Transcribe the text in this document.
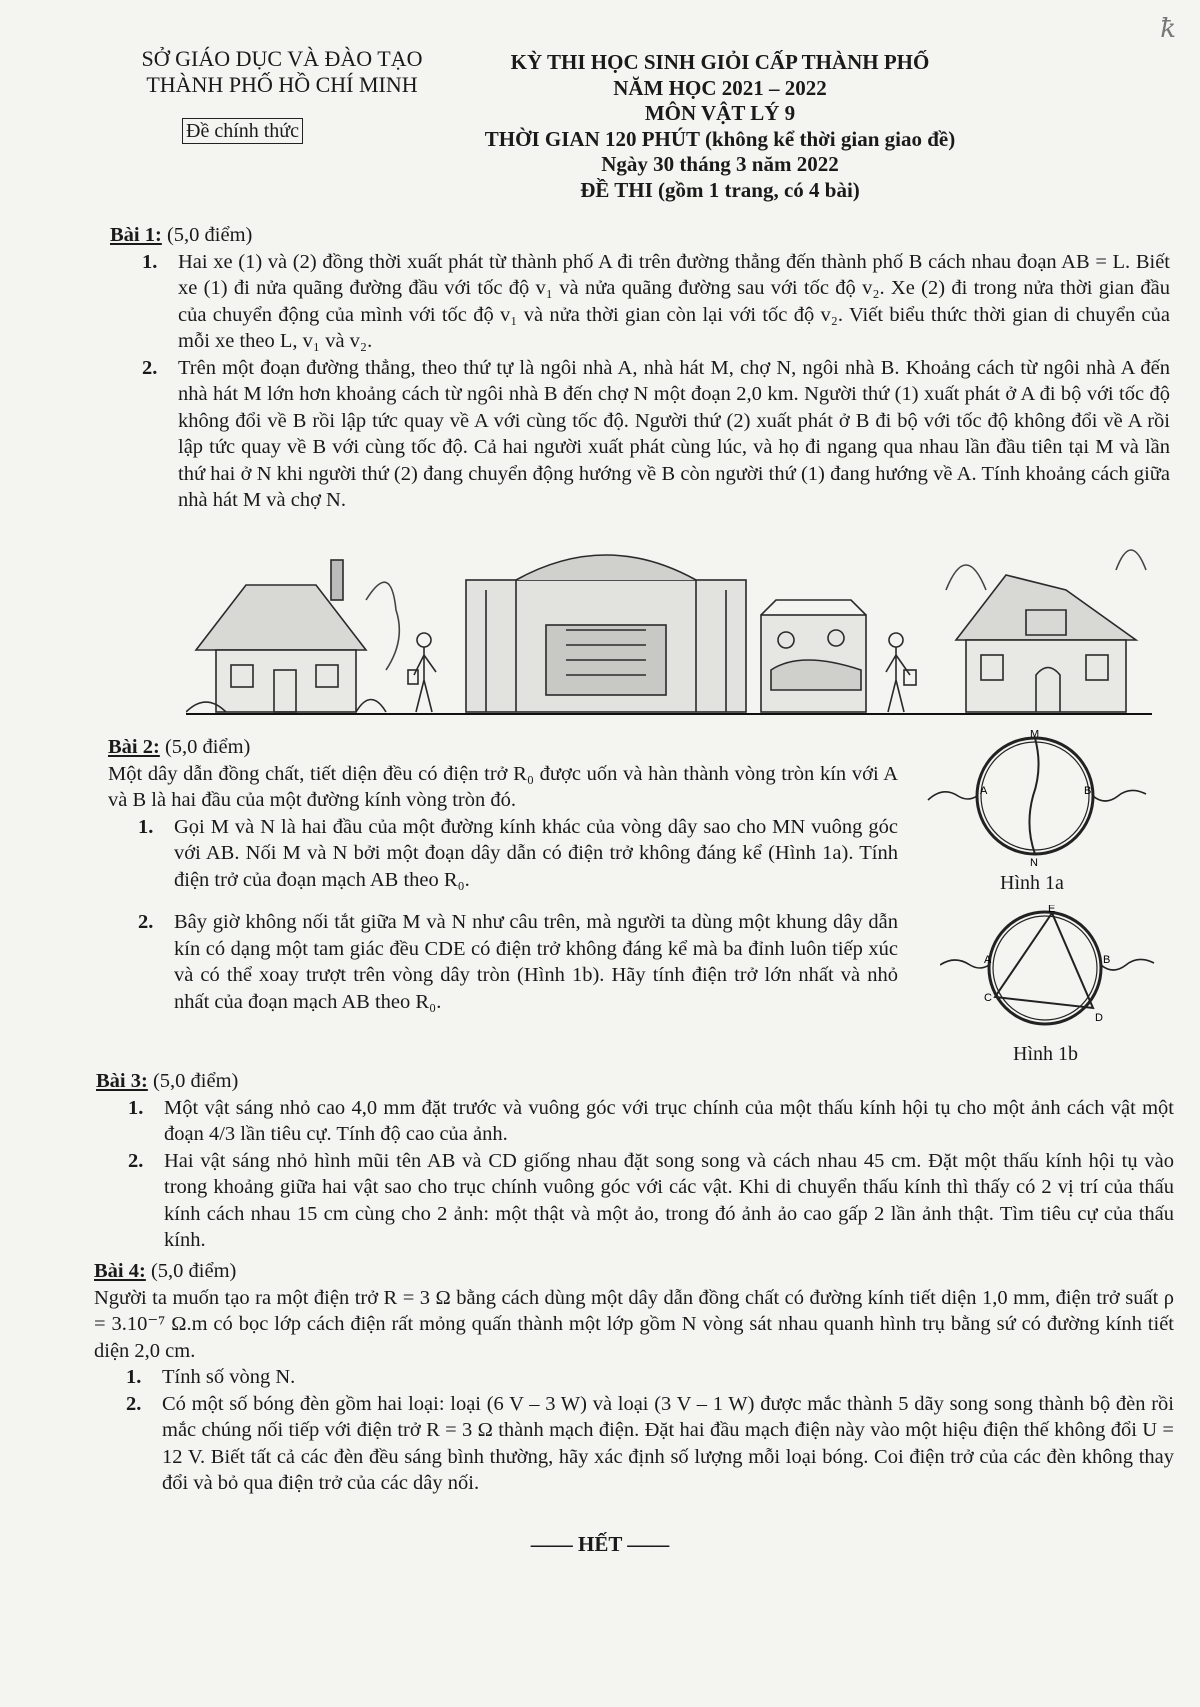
ꝁ
SỞ GIÁO DỤC VÀ ĐÀO TẠO
THÀNH PHỐ HỒ CHÍ MINH
Đề chính thức
KỲ THI HỌC SINH GIỎI CẤP THÀNH PHỐ
NĂM HỌC 2021 – 2022
MÔN VẬT LÝ 9
THỜI GIAN 120 PHÚT (không kể thời gian giao đề)
Ngày 30 tháng 3 năm 2022
ĐỀ THI (gồm 1 trang, có 4 bài)
Bài 1: (5,0 điểm)
1.	Hai xe (1) và (2) đồng thời xuất phát từ thành phố A đi trên đường thẳng đến thành phố B cách nhau đoạn AB = L. Biết xe (1) đi nửa quãng đường đầu với tốc độ v₁ và nửa quãng đường sau với tốc độ v₂. Xe (2) đi trong nửa thời gian đầu của chuyển động của mình với tốc độ v₁ và nửa thời gian còn lại với tốc độ v₂. Viết biểu thức thời gian di chuyển của mỗi xe theo L, v₁ và v₂.
2.	Trên một đoạn đường thẳng, theo thứ tự là ngôi nhà A, nhà hát M, chợ N, ngôi nhà B. Khoảng cách từ ngôi nhà A đến nhà hát M lớn hơn khoảng cách từ ngôi nhà B đến chợ N một đoạn 2,0 km. Người thứ (1) xuất phát ở A đi bộ với tốc độ không đổi về B rồi lập tức quay về A với cùng tốc độ. Người thứ (2) xuất phát ở B đi bộ với tốc độ không đổi về A rồi lập tức quay về B với cùng tốc độ. Cả hai người xuất phát cùng lúc, và họ đi ngang qua nhau lần đầu tiên tại M và lần thứ hai ở N khi người thứ (2) đang chuyển động hướng về B còn người thứ (1) đang hướng về A. Tính khoảng cách giữa nhà hát M và chợ N.
Bài 2: (5,0 điểm)
Một dây dẫn đồng chất, tiết diện đều có điện trở R₀ được uốn và hàn thành vòng tròn kín với A và B là hai đầu của một đường kính vòng tròn đó.
1.	Gọi M và N là hai đầu của một đường kính khác của vòng dây sao cho MN vuông góc với AB. Nối M và N bởi một đoạn dây dẫn có điện trở không đáng kể (Hình 1a). Tính điện trở của đoạn mạch AB theo R₀.
2.	Bây giờ không nối tắt giữa M và N như câu trên, mà người ta dùng một khung dây dẫn kín có dạng một tam giác đều CDE có điện trở không đáng kể mà ba đỉnh luôn tiếp xúc và có thể xoay trượt trên vòng dây tròn (Hình 1b). Hãy tính điện trở lớn nhất và nhỏ nhất của đoạn mạch AB theo R₀.
M
N
A	B
Hình 1a
E
A
C
B
D
Hình 1b
Bài 3: (5,0 điểm)
1.	Một vật sáng nhỏ cao 4,0 mm đặt trước và vuông góc với trục chính của một thấu kính hội tụ cho một ảnh cách vật một đoạn 4/3 lần tiêu cự. Tính độ cao của ảnh.
2.	Hai vật sáng nhỏ hình mũi tên AB và CD giống nhau đặt song song và cách nhau 45 cm. Đặt một thấu kính hội tụ vào trong khoảng giữa hai vật sao cho trục chính vuông góc với các vật. Khi di chuyển thấu kính thì thấy có 2 vị trí của thấu kính cách nhau 15 cm cùng cho 2 ảnh: một thật và một ảo, trong đó ảnh ảo cao gấp 2 lần ảnh thật. Tìm tiêu cự của thấu kính.
Bài 4: (5,0 điểm)
Người ta muốn tạo ra một điện trở R = 3 Ω bằng cách dùng một dây dẫn đồng chất có đường kính tiết diện 1,0 mm, điện trở suất ρ = 3.10⁻⁷ Ω.m có bọc lớp cách điện rất mỏng quấn thành một lớp gồm N vòng sát nhau quanh hình trụ bằng sứ có đường kính tiết diện 2,0 cm.
1.	Tính số vòng N.
2.	Có một số bóng đèn gồm hai loại: loại (6 V – 3 W) và loại (3 V – 1 W) được mắc thành 5 dãy song song thành bộ đèn rồi mắc chúng nối tiếp với điện trở R = 3 Ω thành mạch điện. Đặt hai đầu mạch điện này vào một hiệu điện thế không đổi U = 12 V. Biết tất cả các đèn đều sáng bình thường, hãy xác định số lượng mỗi loại bóng. Coi điện trở của các đèn không thay đổi và bỏ qua điện trở của các dây nối.
—— HẾT ——
